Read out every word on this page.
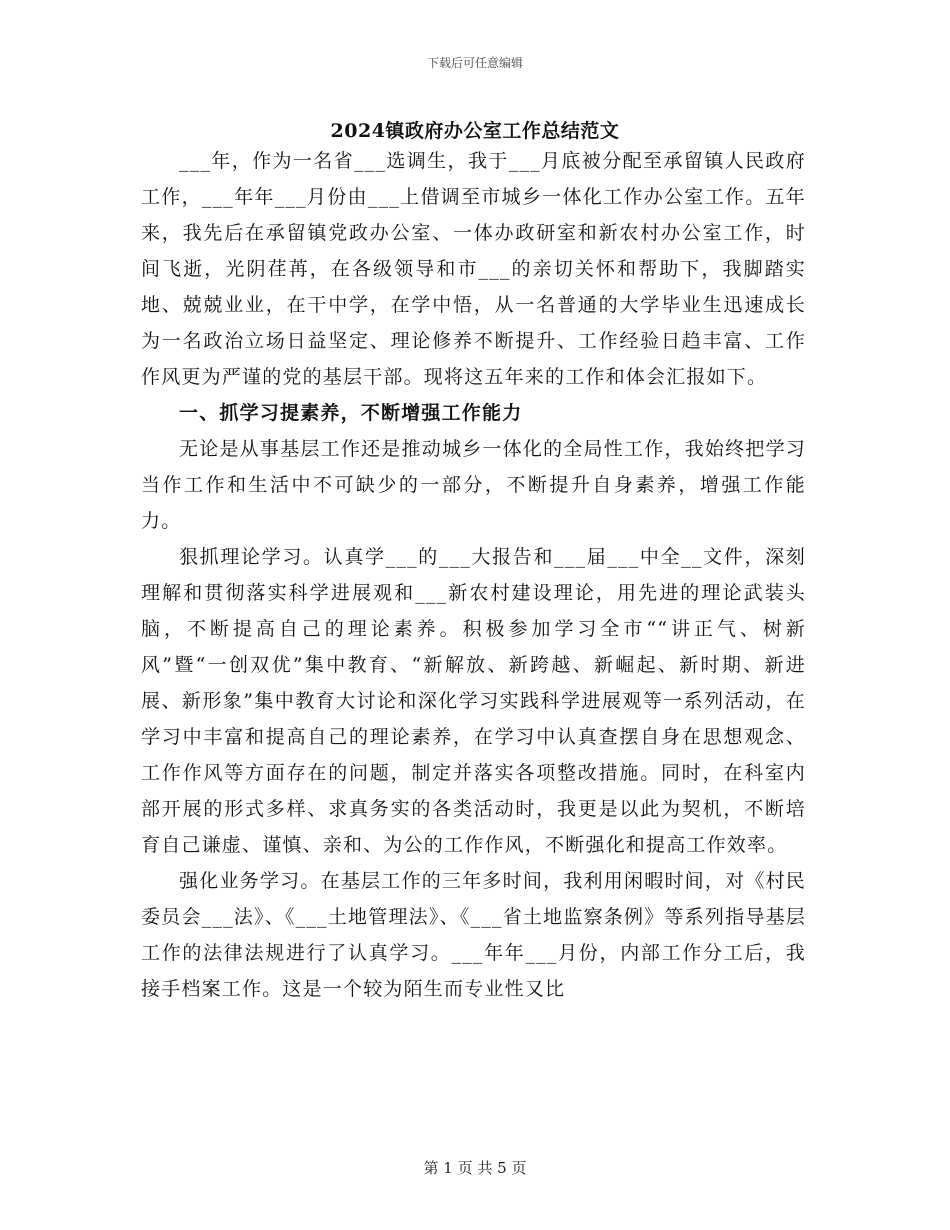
下载后可任意编辑
2024镇政府办公室工作总结范文

___年，作为一名省___选调生，我于___月底被分配至承留镇人民政府工作，___年年___月份由___上借调至市城乡一体化工作办公室工作。五年来，我先后在承留镇党政办公室、一体办政研室和新农村办公室工作，时间飞逝，光阴荏苒，在各级领导和市___的亲切关怀和帮助下，我脚踏实地、兢兢业业，在干中学，在学中悟，从一名普通的大学毕业生迅速成长为一名政治立场日益坚定、理论修养不断提升、工作经验日趋丰富、工作作风更为严谨的党的基层干部。现将这五年来的工作和体会汇报如下。

一、抓学习提素养，不断增强工作能力

无论是从事基层工作还是推动城乡一体化的全局性工作，我始终把学习当作工作和生活中不可缺少的一部分，不断提升自身素养，增强工作能力。

狠抓理论学习。认真学___的___大报告和___届___中全__文件，深刻理解和贯彻落实科学进展观和___新农村建设理论，用先进的理论武装头脑，不断提高自己的理论素养。积极参加学习全市““讲正气、树新风”暨“一创双优”集中教育、“新解放、新跨越、新崛起、新时期、新进展、新形象”集中教育大讨论和深化学习实践科学进展观等一系列活动，在学习中丰富和提高自己的理论素养，在学习中认真查摆自身在思想观念、工作作风等方面存在的问题，制定并落实各项整改措施。同时，在科室内部开展的形式多样、求真务实的各类活动时，我更是以此为契机，不断培育自己谦虚、谨慎、亲和、为公的工作作风，不断强化和提高工作效率。

强化业务学习。在基层工作的三年多时间，我利用闲暇时间，对《村民委员会___法》、《___土地管理法》、《___省土地监察条例》等系列指导基层工作的法律法规进行了认真学习。___年年___月份，内部工作分工后，我接手档案工作。这是一个较为陌生而专业性又比

第 1 页 共 5 页
